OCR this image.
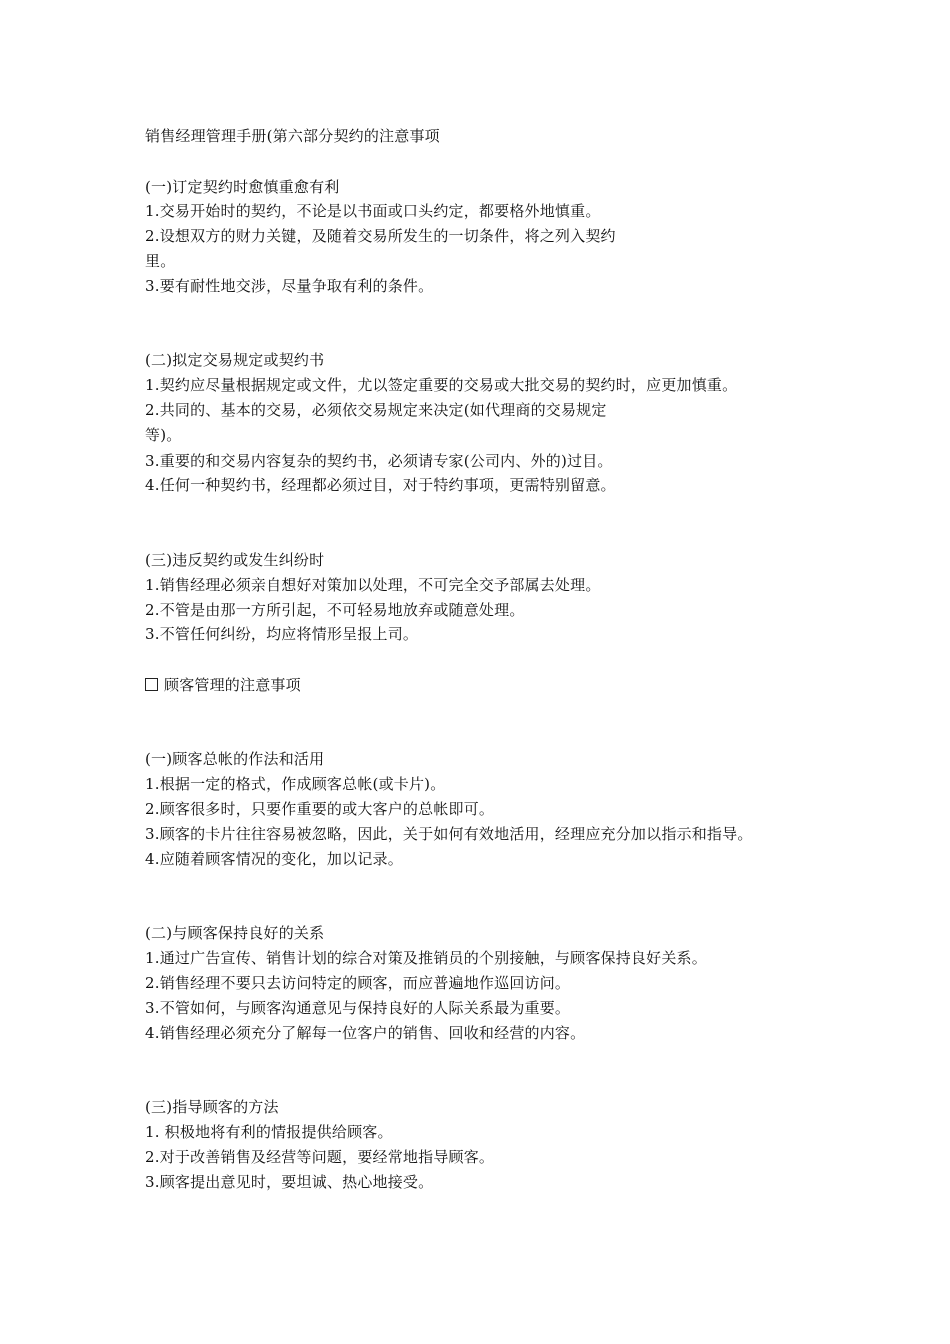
销售经理管理手册(第六部分契约的注意事项
(一)订定契约时愈慎重愈有利
1.交易开始时的契约，不论是以书面或口头约定，都要格外地慎重。
2.设想双方的财力关键，及随着交易所发生的一切条件，将之列入契约
里。
3.要有耐性地交涉，尽量争取有利的条件。
(二)拟定交易规定或契约书
1.契约应尽量根据规定或文件，尤以签定重要的交易或大批交易的契约时，应更加慎重。
2.共同的、基本的交易，必须依交易规定来决定(如代理商的交易规定
等)。
3.重要的和交易内容复杂的契约书，必须请专家(公司内、外的)过目。
4.任何一种契约书，经理都必须过目，对于特约事项，更需特别留意。
(三)违反契约或发生纠纷时
1.销售经理必须亲自想好对策加以处理，不可完全交予部属去处理。
2.不管是由那一方所引起，不可轻易地放弃或随意处理。
3.不管任何纠纷，均应将情形呈报上司。
顾客管理的注意事项
(一)顾客总帐的作法和活用
1.根据一定的格式，作成顾客总帐(或卡片)。
2.顾客很多时，只要作重要的或大客户的总帐即可。
3.顾客的卡片往往容易被忽略，因此，关于如何有效地活用，经理应充分加以指示和指导。
4.应随着顾客情况的变化，加以记录。
(二)与顾客保持良好的关系
1.通过广告宣传、销售计划的综合对策及推销员的个别接触，与顾客保持良好关系。
2.销售经理不要只去访问特定的顾客，而应普遍地作巡回访问。
3.不管如何，与顾客沟通意见与保持良好的人际关系最为重要。
4.销售经理必须充分了解每一位客户的销售、回收和经营的内容。
(三)指导顾客的方法
1. 积极地将有利的情报提供给顾客。
2.对于改善销售及经营等问题，要经常地指导顾客。
3.顾客提出意见时，要坦诚、热心地接受。
